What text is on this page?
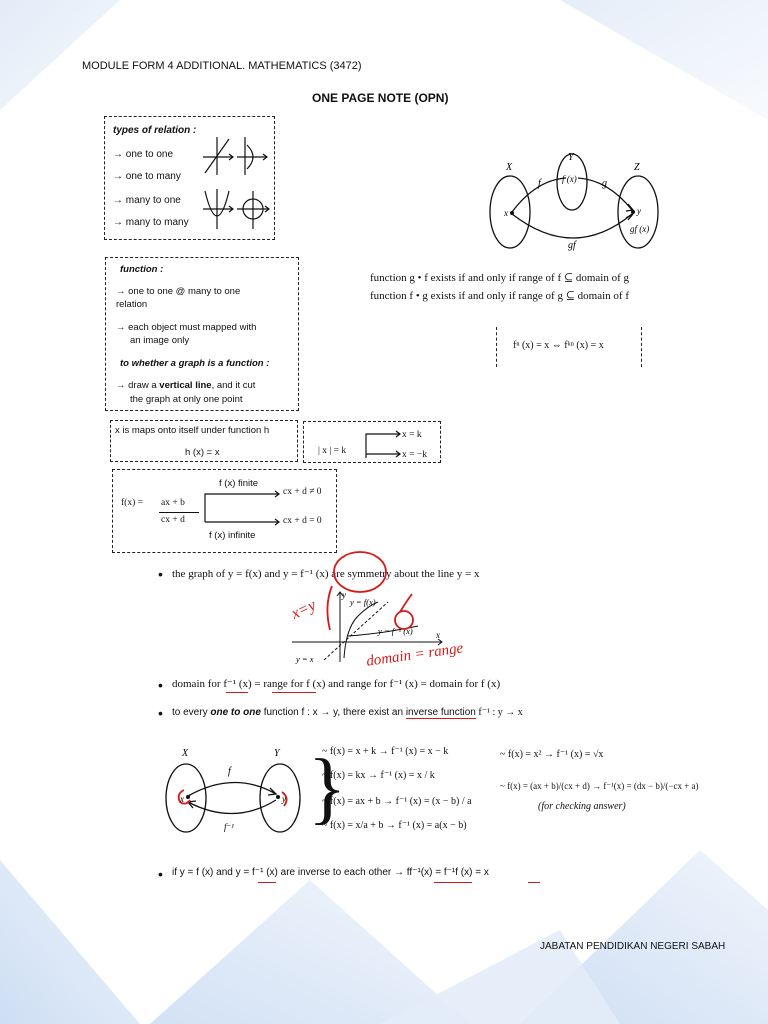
MODULE FORM 4 ADDITIONAL. MATHEMATICS (3472)
ONE PAGE NOTE (OPN)
types of relation :
→ one to one
→ one to many
→ many to one
→ many to many
X
Y
Z
f f (x)	g
x	y
gf
gf (x)
function g • f exists if and only if range of f ⊆ domain of g
function f • g exists if and only if range of g ⊆ domain of f
fⁿ (x) = x ⇔ fᵏⁿ (x) = x
function :
→ one to one @ many to one
relation
→ each object must mapped with
an image only
to whether a graph is a function :
→ draw a vertical line, and it cut
the graph at only one point
x is maps onto itself under function h
h (x) = x	| x | = k
x = k
x = −k
f(x) = ax + b
cx + d
f (x) finite
cx + d ≠ 0
cx + d = 0
f (x) infinite
• the graph of y = f(x) and y = f⁻¹ (x) are symmetry about the line y = x
y
x
y = f(x)
y = f⁻¹ (x)
y = x
x=y
domain = range
• domain for f⁻¹ (x) = range for f (x) and range for f⁻¹ (x) = domain for f (x)
• to every one to one function f : x → y, there exist an inverse function f⁻¹ : y → x
X	Y
f
f⁻¹
x	y }
~ f(x) = x + k → f⁻¹ (x) = x − k
~ f(x) = kx → f⁻¹ (x) = x / k
~ f(x) = ax + b → f⁻¹ (x) = (x − b) / a
~ f(x) = x/a + b → f⁻¹ (x) = a(x − b)
~ f(x) = x² → f⁻¹ (x) = √x
~ f(x) = (ax + b)/(cx + d) → f⁻¹(x) = (dx − b)/(−cx + a)
(for checking answer)
• if y = f (x) and y = f⁻¹ (x) are inverse to each other → ff⁻¹(x) = f⁻¹f (x) = x
JABATAN PENDIDIKAN NEGERI SABAH
